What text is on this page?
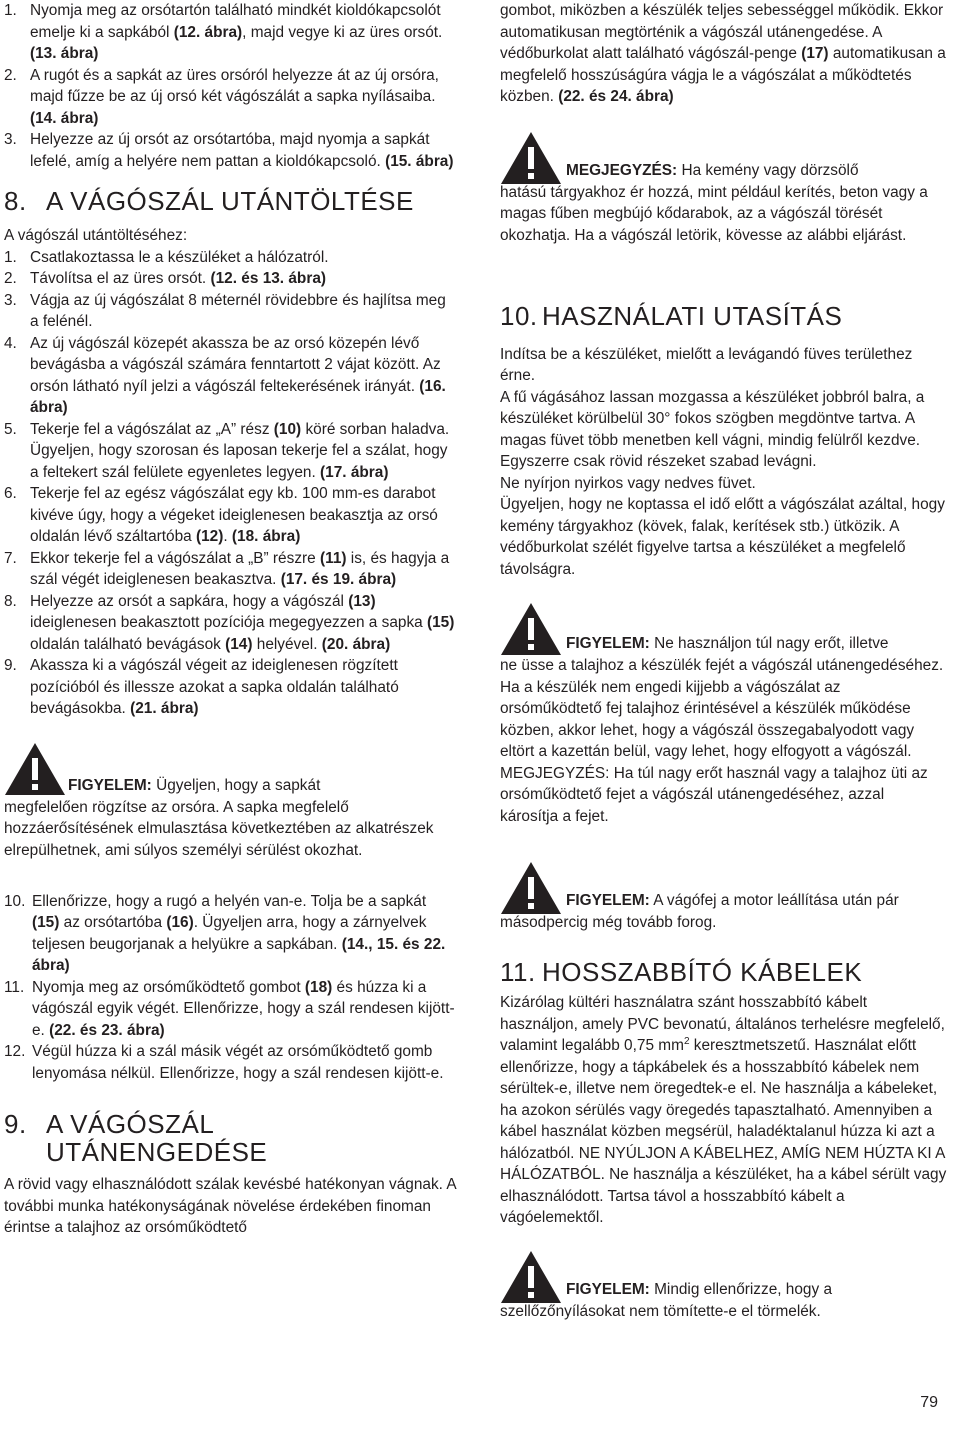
1. Nyomja meg az orsótartón található mindkét kioldókapcsolót emelje ki a sapkából (12. ábra), majd vegye ki az üres orsót. (13. ábra)
2. A rugót és a sapkát az üres orsóról helyezze át az új orsóra, majd fűzze be az új orsó két vágószálát a sapka nyílásaiba. (14. ábra)
3. Helyezze az új orsót az orsótartóba, majd nyomja a sapkát lefelé, amíg a helyére nem pattan a kioldókapcsoló. (15. ábra)
8. A VÁGÓSZÁL UTÁNTÖLTÉSE
A vágószál utántöltéséhez:
1. Csatlakoztassa le a készüléket a hálózatról.
2. Távolítsa el az üres orsót. (12. és 13. ábra)
3. Vágja az új vágószálat 8 méternél rövidebbre és hajlítsa meg a felénél.
4. Az új vágószál közepét akassza be az orsó közepén lévő bevágásba a vágószál számára fenntartott 2 vájat között. Az orsón látható nyíl jelzi a vágószál feltekerésének irányát. (16. ábra)
5. Tekerje fel a vágószálat az „A” rész (10) köré sorban haladva. Ügyeljen, hogy szorosan és laposan tekerje fel a szálat, hogy a feltekert szál felülete egyenletes legyen. (17. ábra)
6. Tekerje fel az egész vágószálat egy kb. 100 mm-es darabot kivéve úgy, hogy a végeket ideiglenesen beakasztja az orsó oldalán lévő száltartóba (12). (18. ábra)
7. Ekkor tekerje fel a vágószálat a „B” részre (11) is, és hagyja a szál végét ideiglenesen beakasztva. (17. és 19. ábra)
8. Helyezze az orsót a sapkára, hogy a vágószál (13) ideiglenesen beakasztott pozíciója megegyezzen a sapka (15) oldalán található bevágások (14) helyével. (20. ábra)
9. Akassza ki a vágószál végeit az ideiglenesen rögzített pozícióból és illessze azokat a sapka oldalán található bevágásokba. (21. ábra)
FIGYELEM: Ügyeljen, hogy a sapkát
megfelelően rögzítse az orsóra. A sapka megfelelő hozzáerősítésének elmulasztása következtében az alkatrészek elrepülhetnek, ami súlyos személyi sérülést okozhat.
10. Ellenőrizze, hogy a rugó a helyén van-e. Tolja be a sapkát (15) az orsótartóba (16). Ügyeljen arra, hogy a zárnyelvek teljesen beugorjanak a helyükre a sapkában. (14., 15. és 22. ábra)
11. Nyomja meg az orsóműködtető gombot (18) és húzza ki a vágószál egyik végét. Ellenőrizze, hogy a szál rendesen kijött-e. (22. és 23. ábra)
12. Végül húzza ki a szál másik végét az orsóműködtető gomb lenyomása nélkül. Ellenőrizze, hogy a szál rendesen kijött-e.
9. A VÁGÓSZÁL
UTÁNENGEDÉSE
A rövid vagy elhasználódott szálak kevésbé hatékonyan vágnak. A további munka hatékonyságának növelése érdekében finoman érintse a talajhoz az orsóműködtető
gombot, miközben a készülék teljes sebességgel működik. Ekkor automatikusan megtörténik a vágószál utánengedése. A védőburkolat alatt található vágószál-penge (17) automatikusan a megfelelő hosszúságúra vágja le a vágószálat a működtetés közben. (22. és 24. ábra)
MEGJEGYZÉS: Ha kemény vagy dörzsölő
hatású tárgyakhoz ér hozzá, mint például kerítés, beton vagy a magas fűben megbújó kődarabok, az a vágószál törését okozhatja. Ha a vágószál letörik, kövesse az alábbi eljárást.
10. HASZNÁLATI UTASÍTÁS
Indítsa be a készüléket, mielőtt a levágandó füves területhez érne.
A fű vágásához lassan mozgassa a készüléket jobbról balra, a készüléket körülbelül 30° fokos szögben megdöntve tartva. A magas füvet több menetben kell vágni, mindig felülről kezdve. Egyszerre csak rövid részeket szabad levágni.
Ne nyírjon nyirkos vagy nedves füvet.
Ügyeljen, hogy ne koptassa el idő előtt a vágószálat azáltal, hogy kemény tárgyakhoz (kövek, falak, kerítések stb.) ütközik. A védőburkolat szélét figyelve tartsa a készüléket a megfelelő távolságra.
FIGYELEM: Ne használjon túl nagy erőt, illetve
ne üsse a talajhoz a készülék fejét a vágószál utánengedéséhez. Ha a készülék nem engedi kijjebb a vágószálat az orsóműködtető fej talajhoz érintésével a készülék működése közben, akkor lehet, hogy a vágószál összegabalyodott vagy eltört a kazettán belül, vagy lehet, hogy elfogyott a vágószál.
MEGJEGYZÉS: Ha túl nagy erőt használ vagy a talajhoz üti az orsóműködtető fejet a vágószál utánengedéséhez, azzal károsítja a fejet.
FIGYELEM: A vágófej a motor leállítása után pár
másodpercig még tovább forog.
11. HOSSZABBÍTÓ KÁBELEK
Kizárólag kültéri használatra szánt hosszabbító kábelt használjon, amely PVC bevonatú, általános terhelésre megfelelő, valamint legalább 0,75 $mm^2$ keresztmetszetű. Használat előtt ellenőrizze, hogy a tápkábelek és a hosszabbító kábelek nem sérültek-e, illetve nem öregedtek-e el. Ne használja a kábeleket, ha azokon sérülés vagy öregedés tapasztalható. Amennyiben a kábel használat közben megsérül, haladéktalanul húzza ki azt a hálózatból. NE NYÚLJON A KÁBELHEZ, AMÍG NEM HÚZTA KI A HÁLÓZATBÓL. Ne használja a készüléket, ha a kábel sérült vagy elhasználódott. Tartsa távol a hosszabbító kábelt a vágóelemektől.
FIGYELEM: Mindig ellenőrizze, hogy a
szellőzőnyílásokat nem tömítette-e el törmelék.
79
